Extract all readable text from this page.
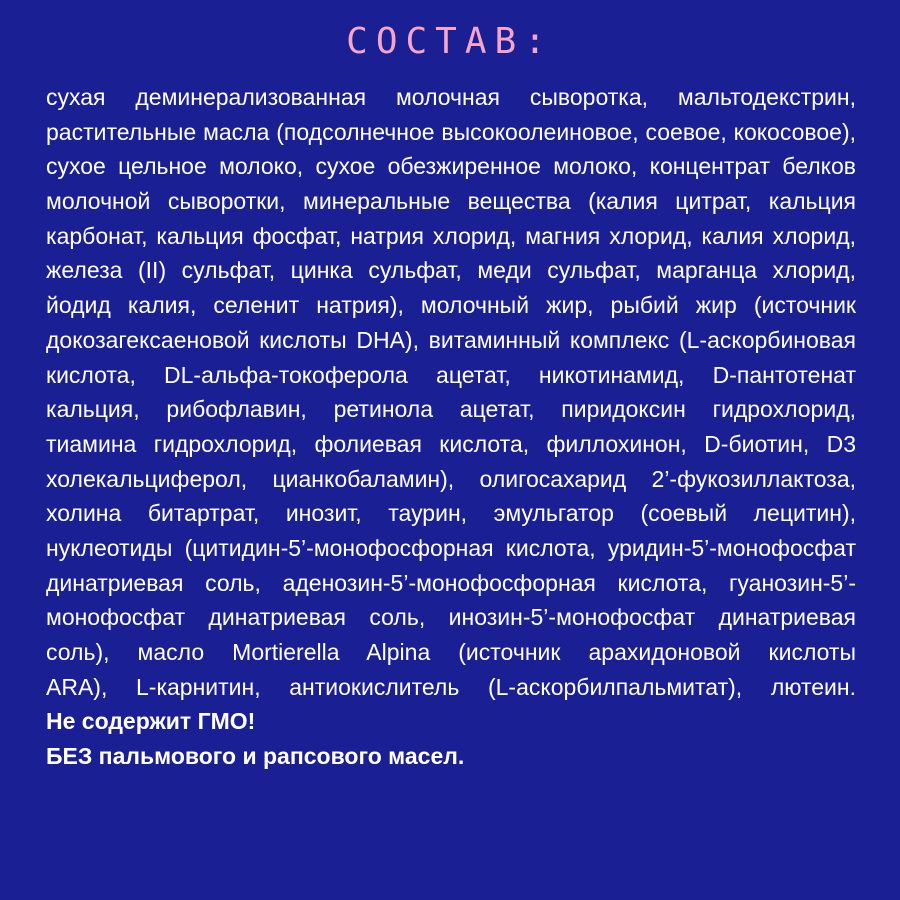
СОСТАВ:
сухая деминерализованная молочная сыворотка, мальтодекстрин,
растительные масла (подсолнечное высокоолеиновое, соевое, кокосовое),
сухое цельное молоко, сухое обезжиренное молоко, концентрат белков
молочной сыворотки, минеральные вещества (калия цитрат, кальция
карбонат, кальция фосфат, натрия хлорид, магния хлорид, калия хлорид,
железа (II) сульфат, цинка сульфат, меди сульфат, марганца хлорид,
йодид калия, селенит натрия), молочный жир, рыбий жир (источник
докозагексаеновой кислоты DHA), витаминный комплекс (L-аскорбиновая
кислота, DL-альфа-токоферола ацетат, никотинамид, D-пантотенат
кальция, рибофлавин, ретинола ацетат, пиридоксин гидрохлорид,
тиамина гидрохлорид, фолиевая кислота, филлохинон, D-биотин, D3
холекальциферол, цианкобаламин), олигосахарид 2’-фукозиллактоза,
холина битартрат, инозит, таурин, эмульгатор (соевый лецитин),
нуклеотиды (цитидин-5’-монофосфорная кислота, уридин-5’-монофосфат
динатриевая соль, аденозин-5’-монофосфорная кислота, гуанозин-5’-
монофосфат динатриевая соль, инозин-5’-монофосфат динатриевая
соль), масло Mortierella Alpina (источник арахидоновой кислоты
ARA), L-карнитин, антиокислитель (L-аскорбилпальмитат), лютеин.
Не содержит ГМО!
БЕЗ пальмового и рапсового масел.
